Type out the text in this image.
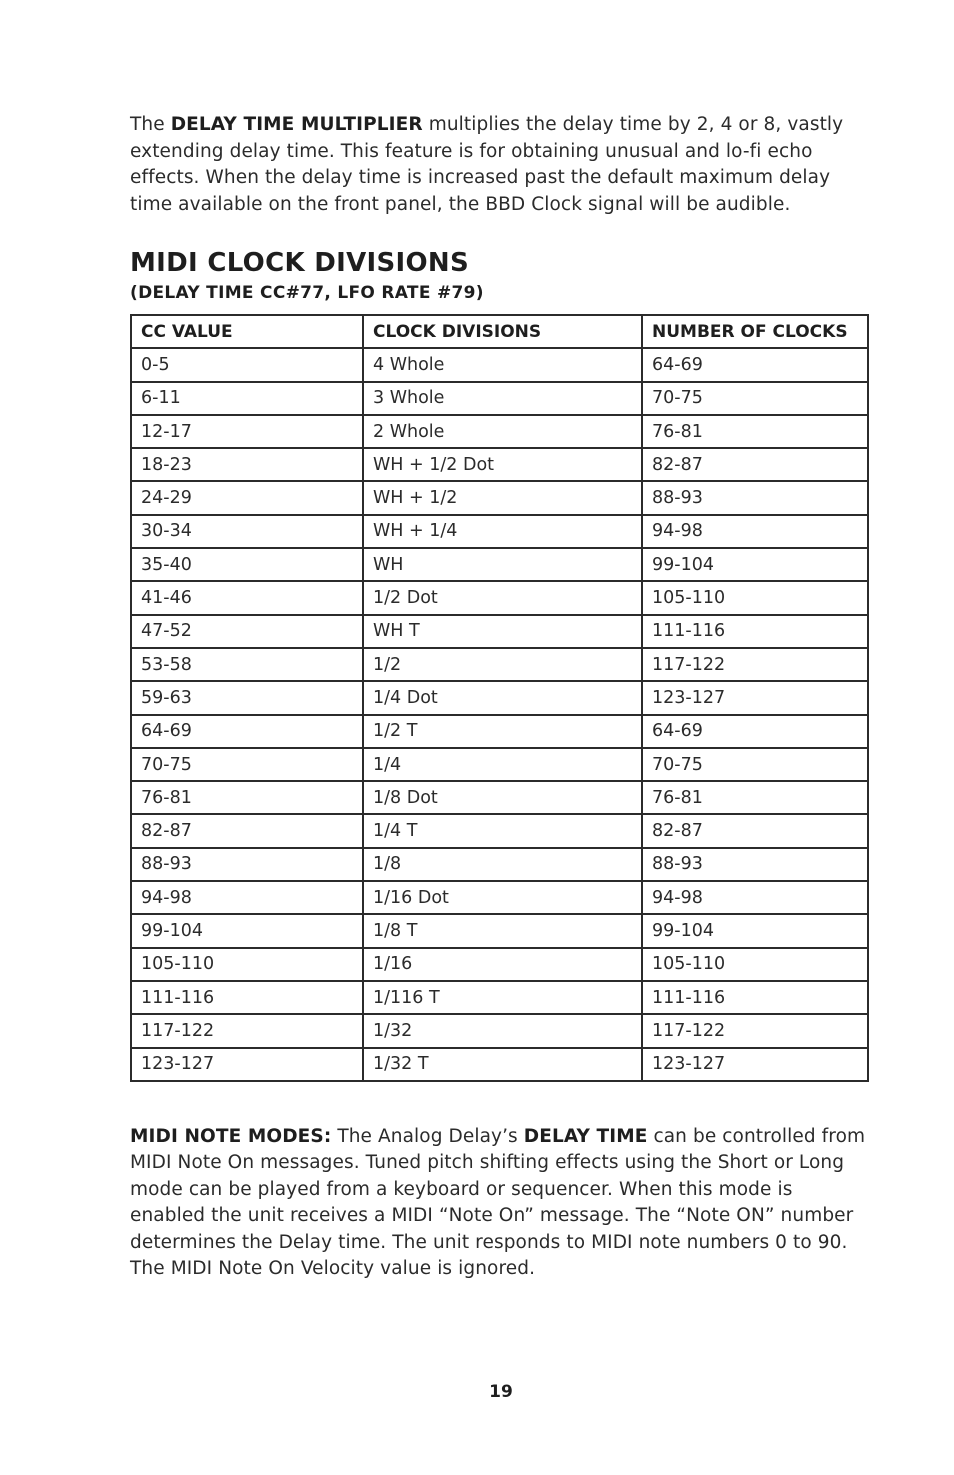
The DELAY TIME MULTIPLIER multiplies the delay time by 2, 4 or 8, vastly extending delay time. This feature is for obtaining unusual and lo-fi echo effects. When the delay time is increased past the default maximum delay time available on the front panel, the BBD Clock signal will be audible.

MIDI CLOCK DIVISIONS
(DELAY TIME CC#77, LFO RATE #79)
CC VALUE	CLOCK DIVISIONS	NUMBER OF CLOCKS
0-5	4 Whole	64-69
6-11	3 Whole	70-75
12-17	2 Whole	76-81
18-23	WH + 1/2 Dot	82-87
24-29	WH + 1/2	88-93
30-34	WH + 1/4	94-98
35-40	WH	99-104
41-46	1/2 Dot	105-110
47-52	WH T	111-116
53-58	1/2	117-122
59-63	1/4 Dot	123-127
64-69	1/2 T	64-69
70-75	1/4	70-75
76-81	1/8 Dot	76-81
82-87	1/4 T	82-87
88-93	1/8	88-93
94-98	1/16 Dot	94-98
99-104	1/8 T	99-104
105-110	1/16	105-110
111-116	1/116 T	111-116
117-122	1/32	117-122
123-127	1/32 T	123-127

MIDI NOTE MODES: The Analog Delay’s DELAY TIME can be controlled from MIDI Note On messages. Tuned pitch shifting effects using the Short or Long mode can be played from a keyboard or sequencer. When this mode is enabled the unit receives a MIDI “Note On” message. The “Note ON” number determines the Delay time. The unit responds to MIDI note numbers 0 to 90. The MIDI Note On Velocity value is ignored.

19
